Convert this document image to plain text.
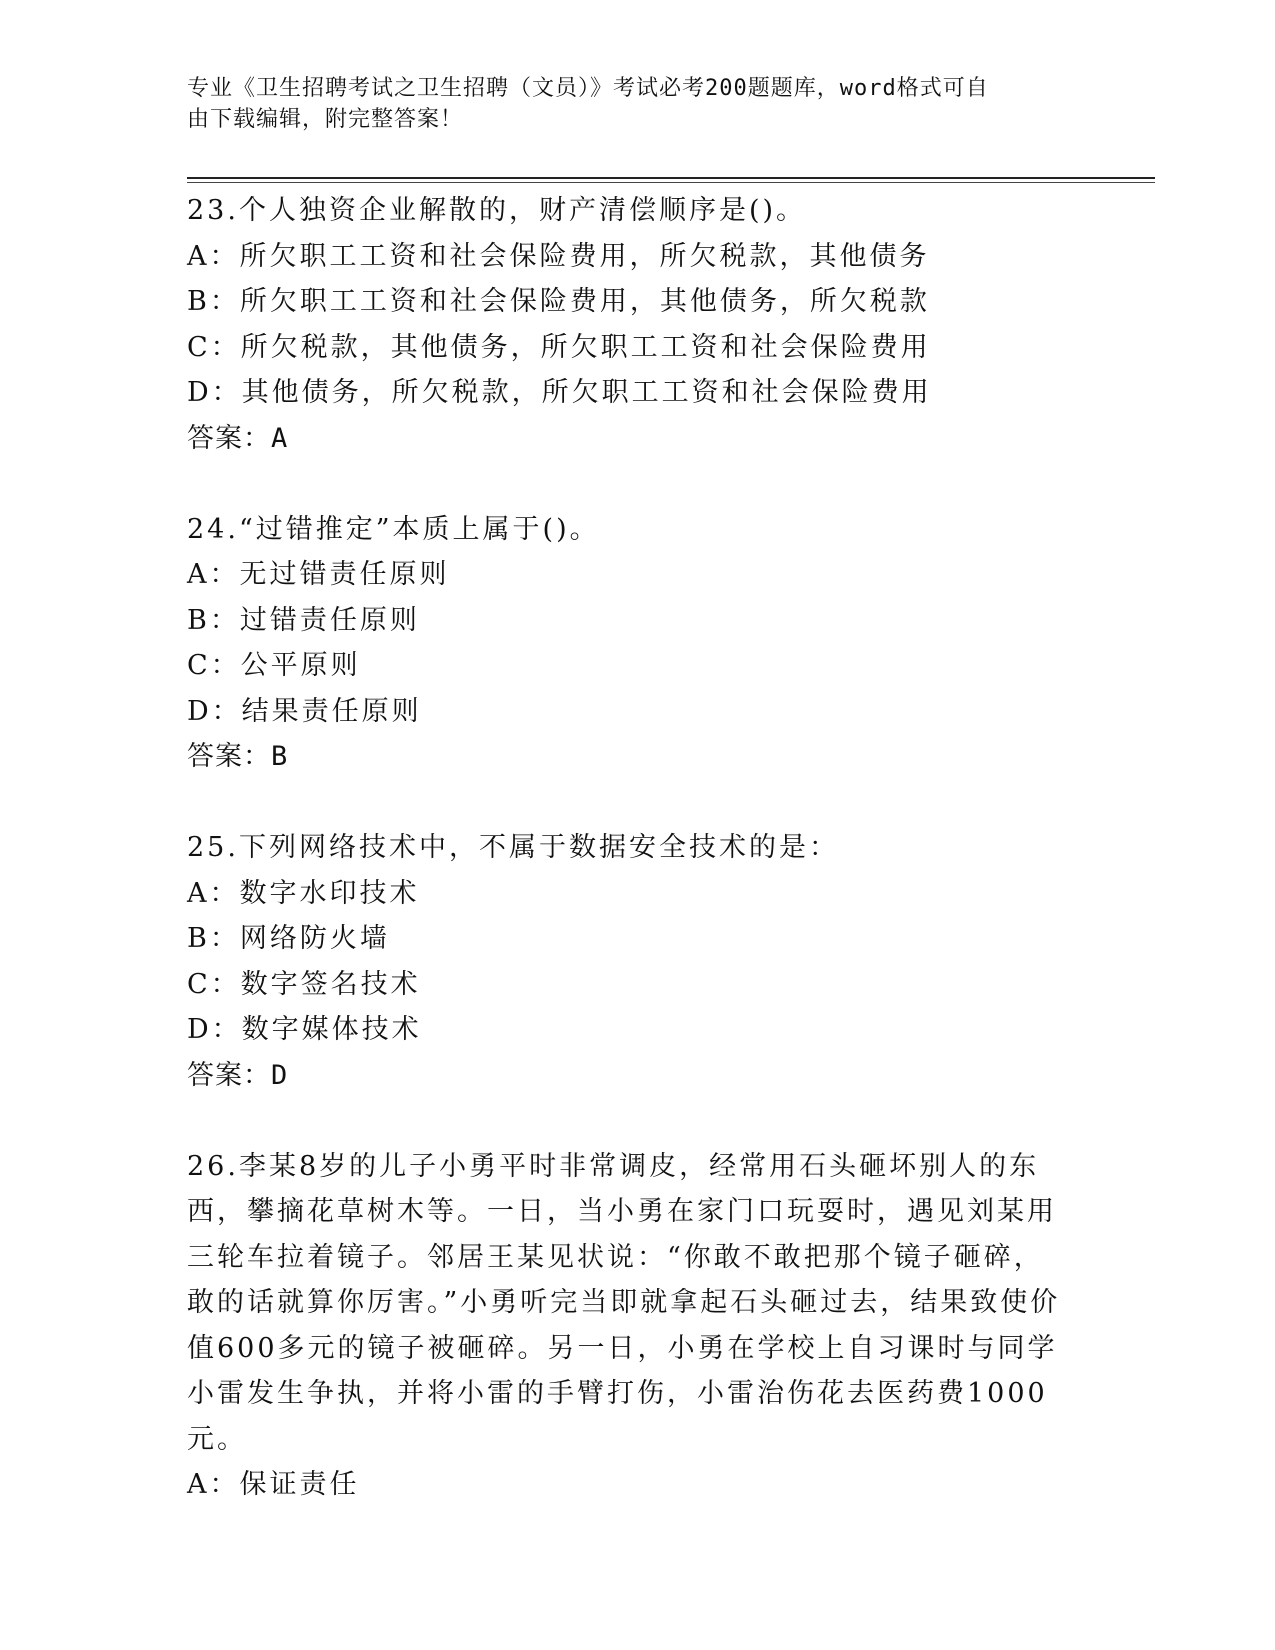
专业《卫生招聘考试之卫生招聘（文员）》考试必考200题题库，word格式可自
由下载编辑，附完整答案！
23.个人独资企业解散的，财产清偿顺序是()。
A：所欠职工工资和社会保险费用，所欠税款，其他债务
B：所欠职工工资和社会保险费用，其他债务，所欠税款
C：所欠税款，其他债务，所欠职工工资和社会保险费用
D：其他债务，所欠税款，所欠职工工资和社会保险费用
答案：A
24.“过错推定”本质上属于()。
A：无过错责任原则
B：过错责任原则
C：公平原则
D：结果责任原则
答案：B
25.下列网络技术中，不属于数据安全技术的是：
A：数字水印技术
B：网络防火墙
C：数字签名技术
D：数字媒体技术
答案：D
26.李某8岁的儿子小勇平时非常调皮，经常用石头砸坏别人的东西，攀摘花草树木等。一日，当小勇在家门口玩耍时，遇见刘某用三轮车拉着镜子。邻居王某见状说：“你敢不敢把那个镜子砸碎，敢的话就算你厉害。”小勇听完当即就拿起石头砸过去，结果致使价值600多元的镜子被砸碎。另一日，小勇在学校上自习课时与同学小雷发生争执，并将小雷的手臂打伤，小雷治伤花去医药费1000元。
A：保证责任
